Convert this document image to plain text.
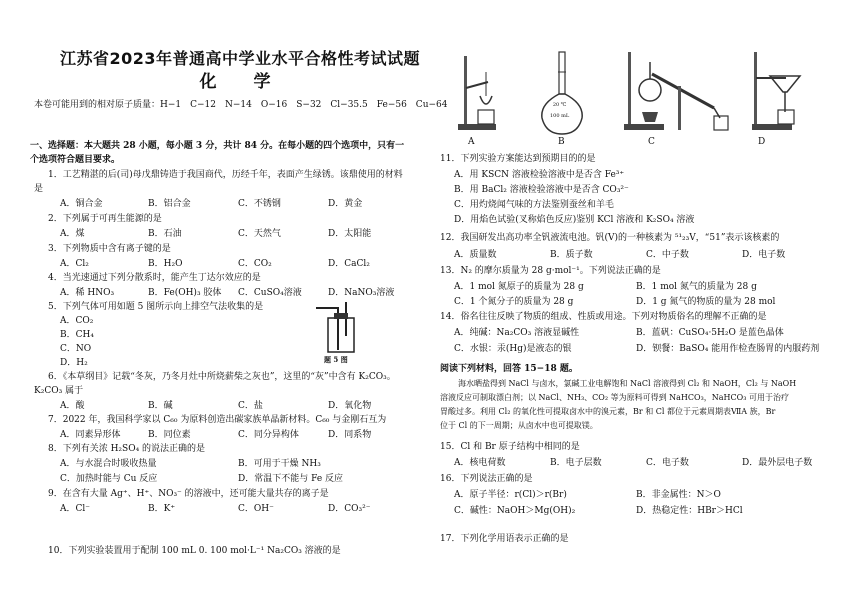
江苏省2023年普通高中学业水平合格性考试试题
化　学
本卷可能用到的相对原子质量：H−1　C−12　N−14　O−16　S−32　Cl−35.5　Fe−56　Cu−64
一、选择题：本大题共 28 小题，每小题 3 分，共计 84 分。在每小题的四个选项中，只有一
个选项符合题目要求。
1．工艺精湛的后(司)母戊鼎铸造于我国商代，历经千年，表面产生绿锈。该鼎使用的材料
是
A．铜合金	B．铝合金	C．不锈钢	D．黄金
2．下列属于可再生能源的是
A．煤	B．石油	C．天然气	D．太阳能
3．下列物质中含有离子键的是
A．Cl₂	B．H₂O	C．CO₂	D．CaCl₂
4．当光速通过下列分散系时，能产生丁达尔效应的是
A．稀 HNO₃	B．Fe(OH)₃ 胶体 C．CuSO₄溶液	D．NaNO₃溶液
5．下列气体可用如题 5 图所示向上排空气法收集的是
A．CO₂
B．CH₄
C．NO
D．H₂	题 5 图
6．《本草纲目》记载“冬灰，乃冬月灶中所烧薪柴之灰也”，这里的“灰”中含有 K₂CO₃。
K₂CO₃ 属于
A．酸	B．碱	C．盐	D．氧化物
7．2022 年，我国科学家以 C₆₀ 为原料创造出碳家族单晶新材料。C₆₀ 与金刚石互为
A．同素异形体	B．同位素	C．同分异构体	D．同系物
8．下列有关浓 H₂SO₄ 的说法正确的是
A．与水混合时吸收热量	B．可用于干燥 NH₃
C．加热时能与 Cu 反应	D．常温下不能与 Fe 反应
9．在含有大量 Ag⁺、H⁺、NO₃⁻ 的溶液中，还可能大量共存的离子是
A．Cl⁻	B．K⁺	C．OH⁻	D．CO₃²⁻
10．下列实验装置用于配制 100 mL 0. 100 mol·L⁻¹ Na₂CO₃ 溶液的是
20 ℃
100 mL
A	B	C	D
11．下列实验方案能达到预期目的的是
A．用 KSCN 溶液检验溶液中是否含 Fe³⁺
B．用 BaCl₂ 溶液检验溶液中是否含 CO₃²⁻
C．用灼烧闻气味的方法鉴别蚕丝和羊毛
D．用焰色试验(叉称焰色反应)鉴别 KCl 溶液和 K₂SO₄ 溶液
12．我国研发出高功率全钒液流电池。钒(V)的一种核素为 ⁵¹₂₃V，“51”表示该核素的
A．质量数	B．质子数	C．中子数	D．电子数
13．N₂ 的摩尔质量为 28 g·mol⁻¹。下列说法正确的是
A．1 mol 氮原子的质量为 28 g	B．1 mol 氮气的质量为 28 g
C．1 个氮分子的质量为 28 g	D．1 g 氮气的物质的量为 28 mol
14．俗名往往反映了物质的组成、性质或用途。下列对物质俗名的理解不正确的是
A．纯碱：Na₂CO₃ 溶液显碱性	B．蓝矾：CuSO₄·5H₂O 是蓝色晶体
C．水银：汞(Hg)是液态的银	D．钡餐：BaSO₄ 能用作检查肠胃的内服药剂
阅读下列材料，回答 15−18 题。
海水晒盐得到 NaCl 与卤水，氯碱工业电解饱和 NaCl 溶液得到 Cl₂ 和 NaOH，Cl₂ 与 NaOH
溶液反应可制取漂白剂；以 NaCl、NH₃、CO₂ 等为原料可得到 NaHCO₃，NaHCO₃ 可用于治疗
胃酸过多。利用 Cl₂ 的氧化性可提取卤水中的溴元素，Br 和 Cl 都位于元素周期表ⅦA 族，Br
位于 Cl 的下一周期；从卤水中也可提取镁。
15．Cl 和 Br 原子结构中相同的是
A．核电荷数	B．电子层数	C．电子数	D．最外层电子数
16．下列说法正确的是
A．原子半径：r(Cl)＞r(Br)	B．非金属性：N＞O
C．碱性：NaOH＞Mg(OH)₂	D．热稳定性：HBr＞HCl
17．下列化学用语表示正确的是
